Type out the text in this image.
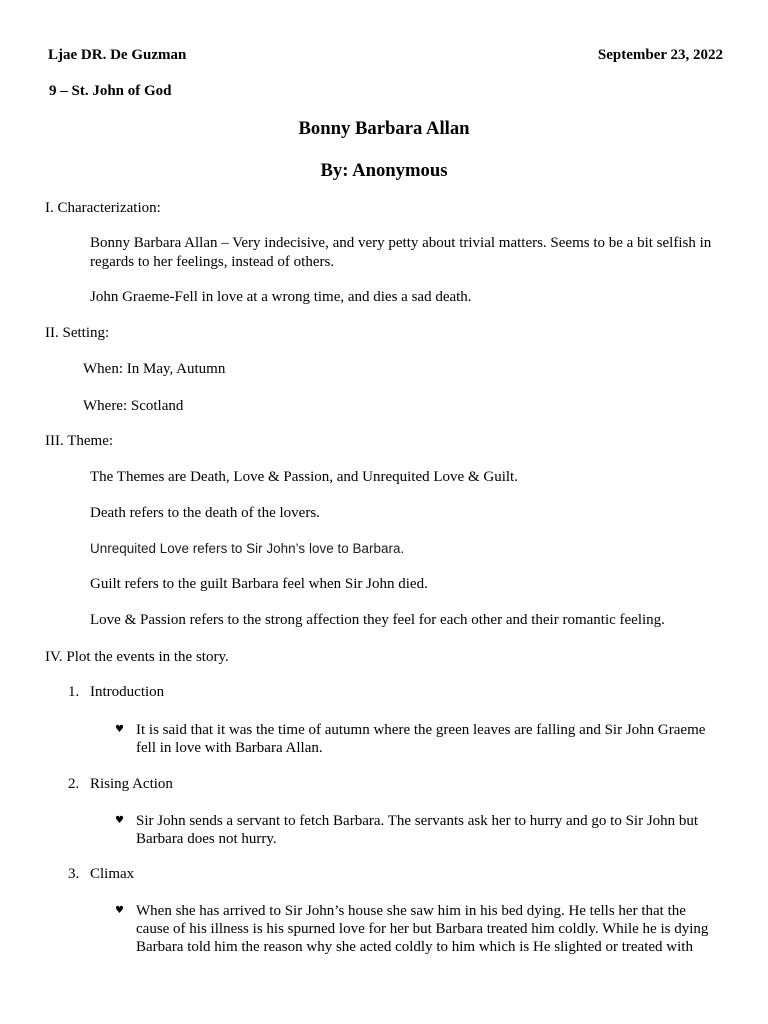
Ljae DR. De Guzman	September 23, 2022
9 – St. John of God
Bonny Barbara Allan
By: Anonymous
I. Characterization:
Bonny Barbara Allan – Very indecisive, and very petty about trivial matters. Seems to be a bit selfish in
regards to her feelings, instead of others.
John Graeme-Fell in love at a wrong time, and dies a sad death.
II. Setting:
When: In May, Autumn
Where: Scotland
III. Theme:
The Themes are Death, Love & Passion, and Unrequited Love & Guilt.
Death refers to the death of the lovers.
Unrequited Love refers to Sir John’s love to Barbara.
Guilt refers to the guilt Barbara feel when Sir John died.
Love & Passion refers to the strong affection they feel for each other and their romantic feeling.
IV. Plot the events in the story.
1. Introduction
♥
It is said that it was the time of autumn where the green leaves are falling and Sir John Graeme
fell in love with Barbara Allan.
2. Rising Action
♥
Sir John sends a servant to fetch Barbara. The servants ask her to hurry and go to Sir John but
Barbara does not hurry.
3. Climax
♥
When she has arrived to Sir John’s house she saw him in his bed dying. He tells her that the
cause of his illness is his spurned love for her but Barbara treated him coldly. While he is dying
Barbara told him the reason why she acted coldly to him which is He slighted or treated with
